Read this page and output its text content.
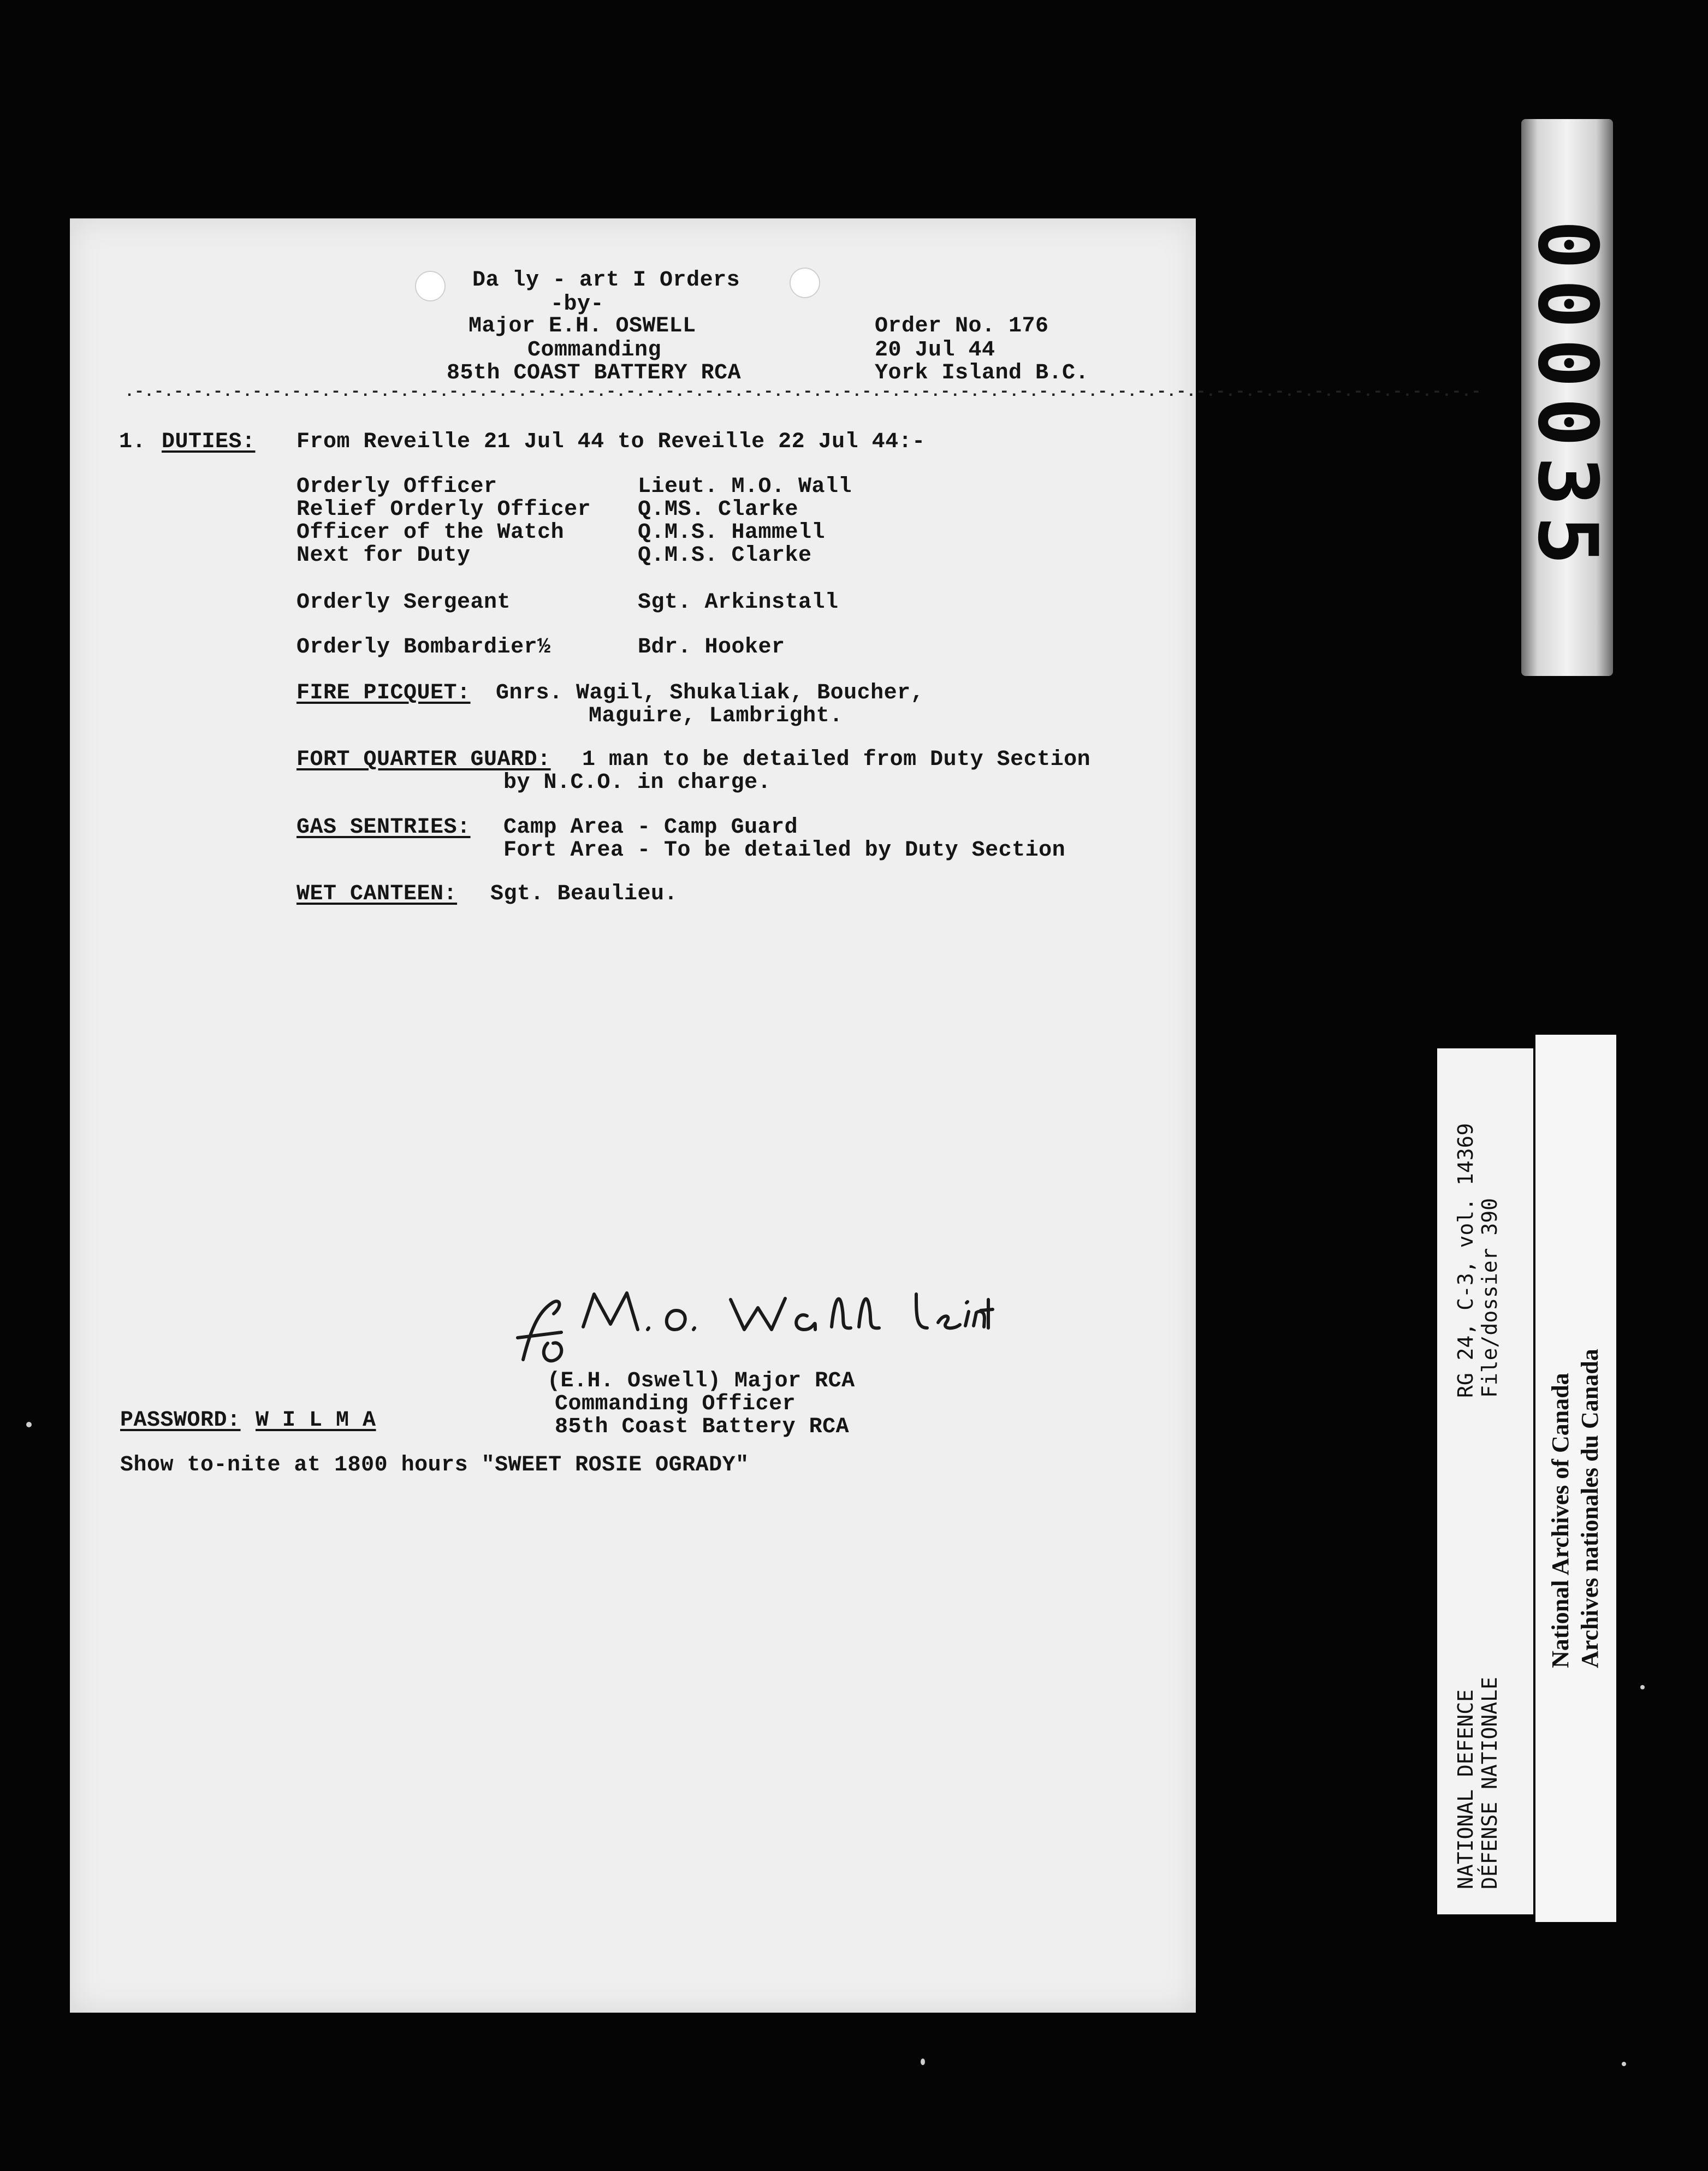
Da ly - art I Orders
-by-
Major E.H. OSWELL
Commanding
85th COAST BATTERY RCA
Order No. 176
20 Jul 44
York Island B.C.
.-.-.-.-.-.-.-.-.-.-.-.-.-.-.-.-.-.-.-.-.-.-.-.-.-.-.-.-.-.-.-.-.-.-.-.-.-.-.-.-.-.-.-.-.-.-.-.-.-.-.-.-.-.-.-.-.-.-.-.-.-.-.-.-.-.-.-.-.-
1. DUTIES: From Reveille 21 Jul 44 to Reveille 22 Jul 44:-
Orderly Officer	Lieut. M.O. Wall
Relief Orderly Officer Q.MS. Clarke
Officer of the Watch	Q.M.S. Hammell
Next for Duty	Q.M.S. Clarke
Orderly Sergeant	Sgt. Arkinstall
Orderly Bombardier½	Bdr. Hooker
FIRE PICQUET: Gnrs. Wagil, Shukaliak, Boucher,
Maguire, Lambright.
FORT QUARTER GUARD: 1 man to be detailed from Duty Section
by N.C.O. in charge.
GAS SENTRIES: Camp Area - Camp Guard
Fort Area - To be detailed by Duty Section
WET CANTEEN: Sgt. Beaulieu.
(E.H. Oswell) Major RCA
Commanding Officer
85th Coast Battery RCA
PASSWORD: W I L M A
Show to-nite at 1800 hours "SWEET ROSIE OGRADY"
000035
RG 24, C-3, vol. 14369 File/dossier 390
NATIONAL DEFENCE DÉFENSE NATIONALE
National Archives of Canada Archives nationales du Canada
